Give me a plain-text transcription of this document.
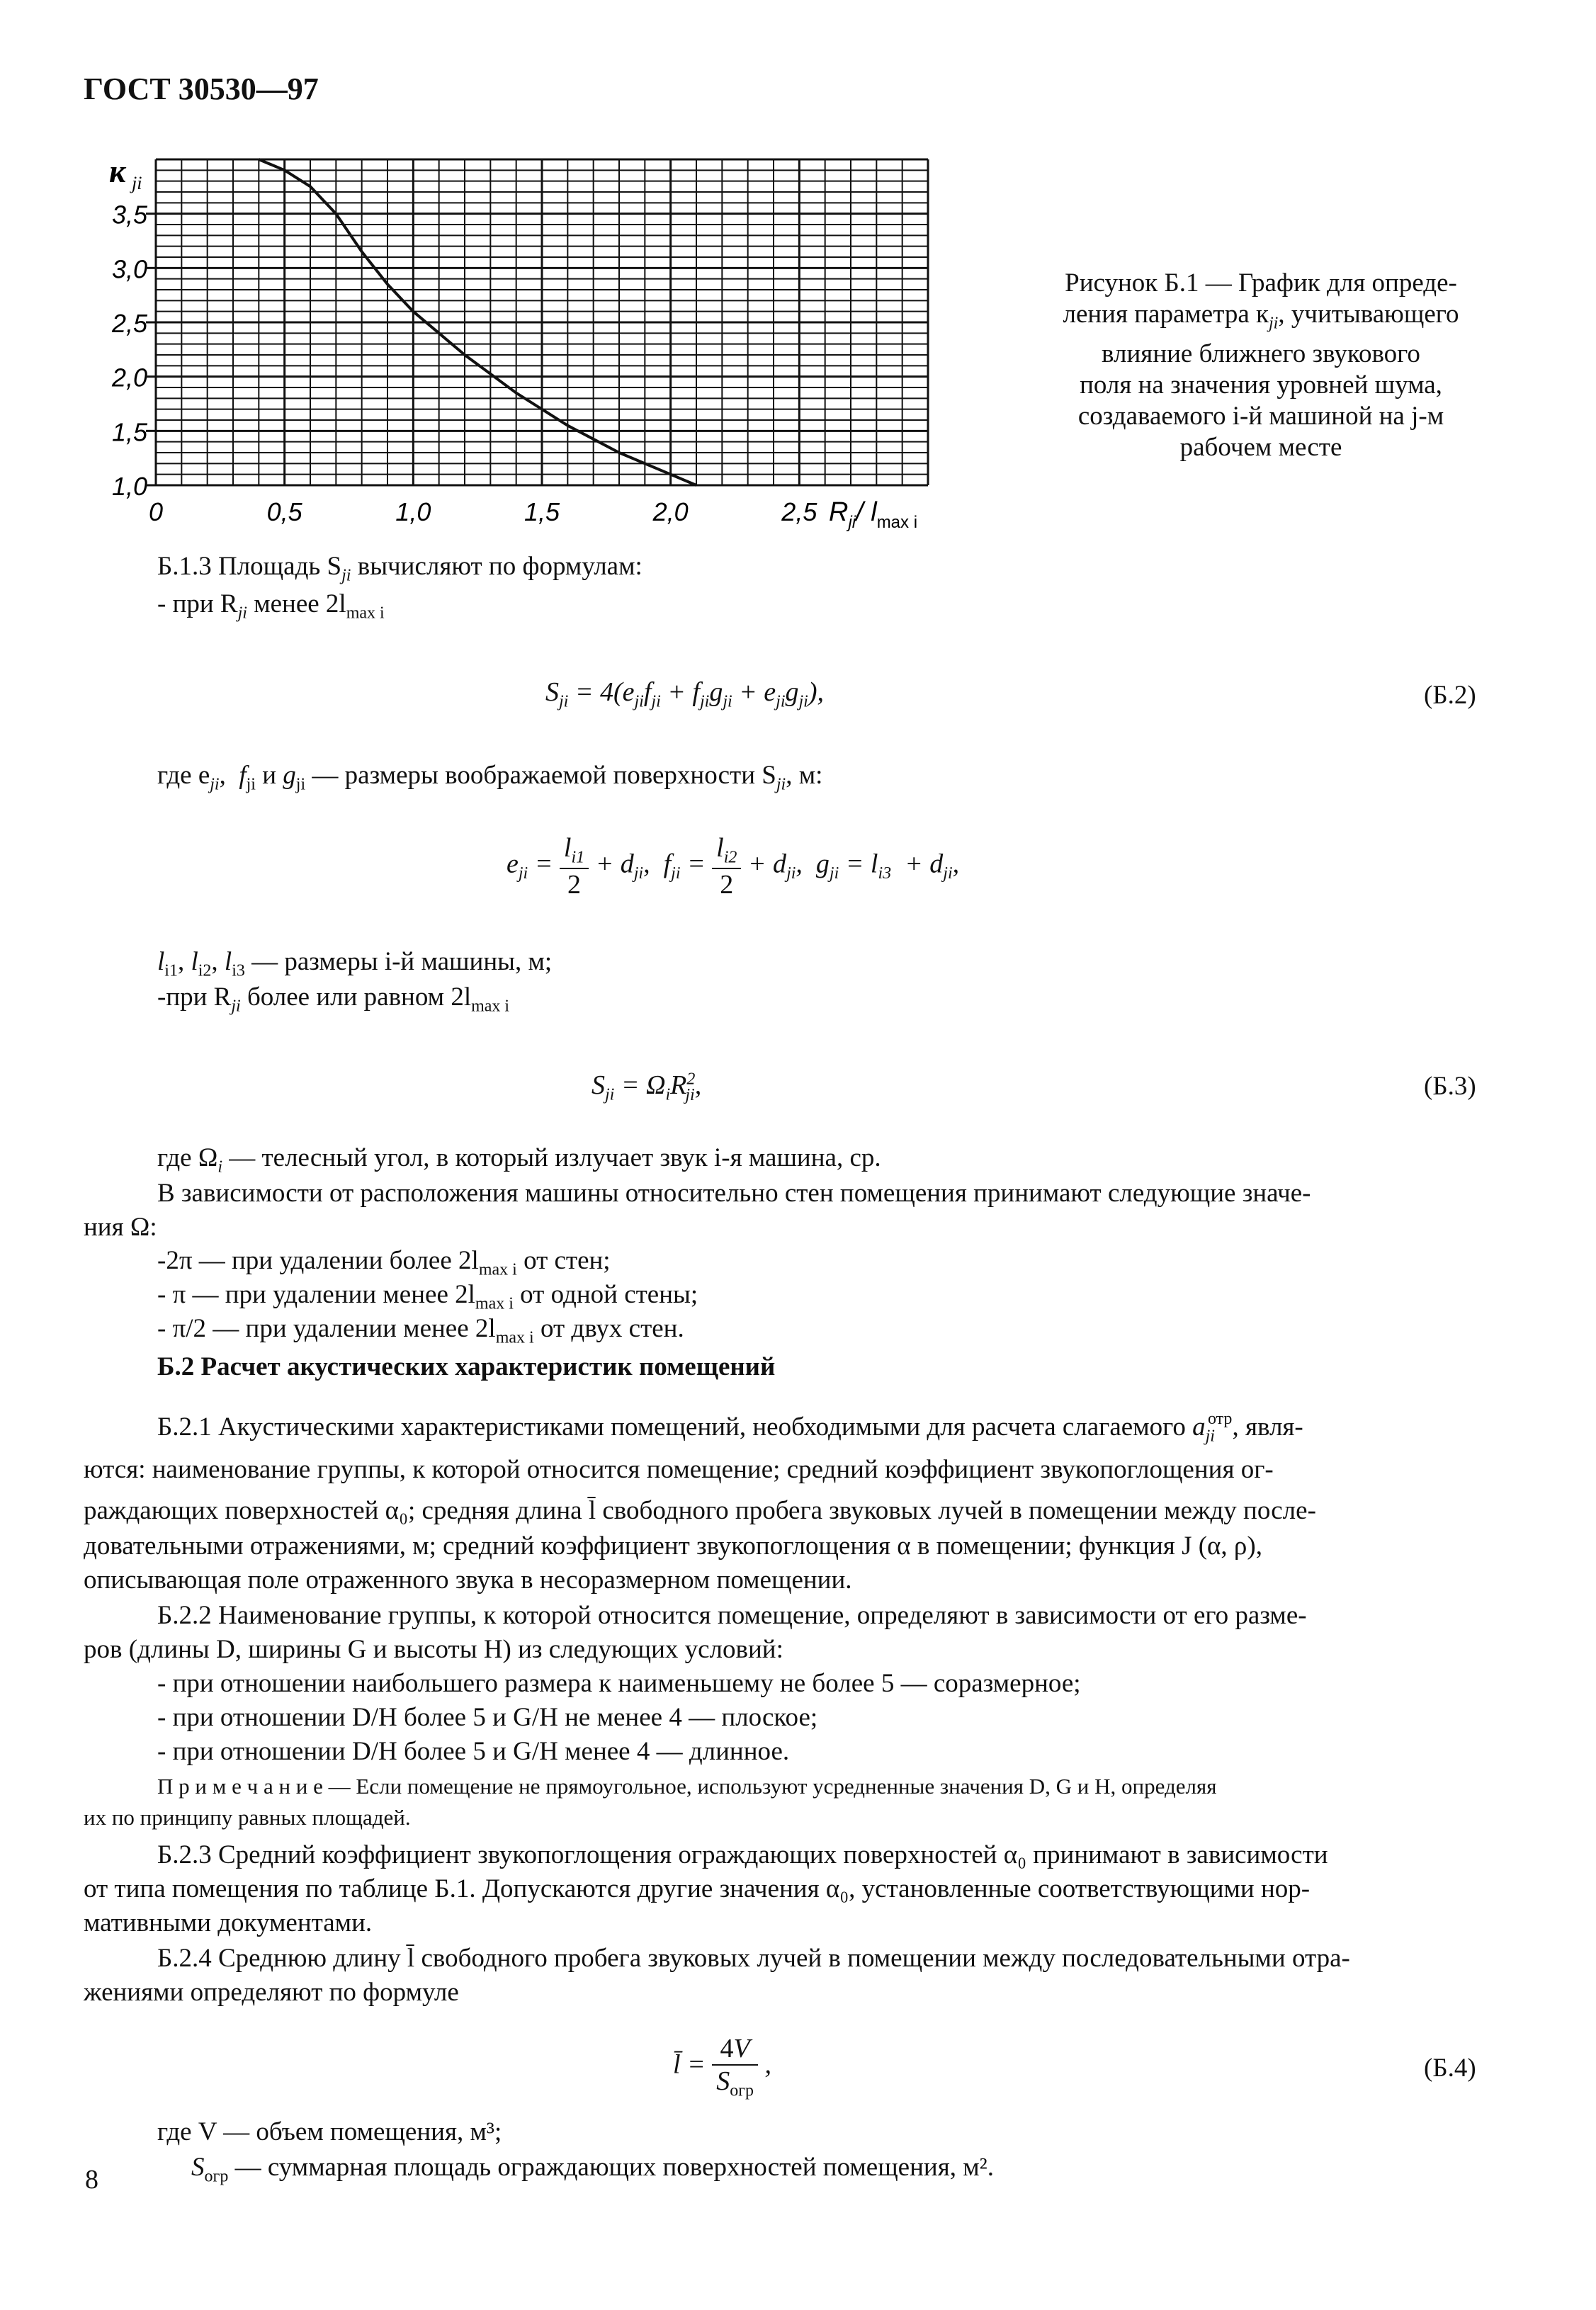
ГОСТ 30530—97
1,0
1,5
2,0
2,5
3,0
3,5
0	0,5	1,0	1,5	2,0	2,5
к ji
$R_{ji}/$ $l_{max i}$
Рисунок Б.1 — График для опреде-
ления параметра $к_{ji}$, учитывающего
влияние ближнего звукового
поля на значения уровней шума,
создаваемого i-й машиной на j-м
рабочем месте
Б.1.3 Площадь $S_{ji}$ вычисляют по формулам:
- при $R_{ji}$ менее $2l_{max i}$
$S_{ji} = 4(e_{ji}f_{ji} + f_{ji}g_{ji} + e_{ji}g_{ji})$,	(Б.2)
где $e_{ji}$,  $f_{ji}$ и $g_{ji}$ — размеры воображаемой поверхности $S_{ji}$, м:
$e_{ji} = \frac{l_{i1}}{2} + d_{ji}$,  $f_{ji} = \frac{l_{i2}}{2} + d_{ji}$,  $g_{ji} = l_{i3} + d_{ji}$,
$l_{i1}$, $l_{i2}$, $l_{i3}$ — размеры i-й машины, м;
-при $R_{ji}$ более или равном $2l_{max i}$
$S_{ji} = \Omega_iR^2_{ji}$,	(Б.3)
где $\Omega_i$ — телесный угол, в который излучает звук i-я машина, ср.
В зависимости от расположения машины относительно стен помещения принимают следующие значе-
ния Ω:
-2π — при удалении более $2l_{max i}$ от стен;
- π — при удалении менее $2l_{max i}$ от одной стены;
- π/2 — при удалении менее $2l_{max i}$ от двух стен.
Б.2 Расчет акустических характеристик помещений
Б.2.1 Акустическими характеристиками помещений, необходимыми для расчета слагаемого $a_{ji}^{отр}$, явля-
ются: наименование группы, к которой относится помещение; средний коэффициент звукопоглощения ог-
раждающих поверхностей α₀; средняя длина l̄ свободного пробега звуковых лучей в помещении между после-
довательными отражениями, м; средний коэффициент звукопоглощения α в помещении; функция J (α, ρ),
описывающая поле отраженного звука в несоразмерном помещении.
Б.2.2 Наименование группы, к которой относится помещение, определяют в зависимости от его разме-
ров (длины D, ширины G и высоты H) из следующих условий:
- при отношении наибольшего размера к наименьшему не более 5 — соразмерное;
- при отношении D/H более 5 и G/H не менее 4 — плоское;
- при отношении D/H более 5 и G/H менее 4 — длинное.
П р и м е ч а н и е — Если помещение не прямоугольное, используют усредненные значения D, G и H, определяя
их по принципу равных площадей.
Б.2.3 Средний коэффициент звукопоглощения ограждающих поверхностей α₀ принимают в зависимости
от типа помещения по таблице Б.1. Допускаются другие значения α₀, установленные соответствующими нор-
мативными документами.
Б.2.4 Среднюю длину l̄ свободного пробега звуковых лучей в помещении между последовательными отра-
жениями определяют по формуле
l̄ = $\frac{4V}{S_{огр}}$ ,	(Б.4)
где V — объем помещения, м³;
$S_{огр}$ — суммарная площадь ограждающих поверхностей помещения, м².
8
